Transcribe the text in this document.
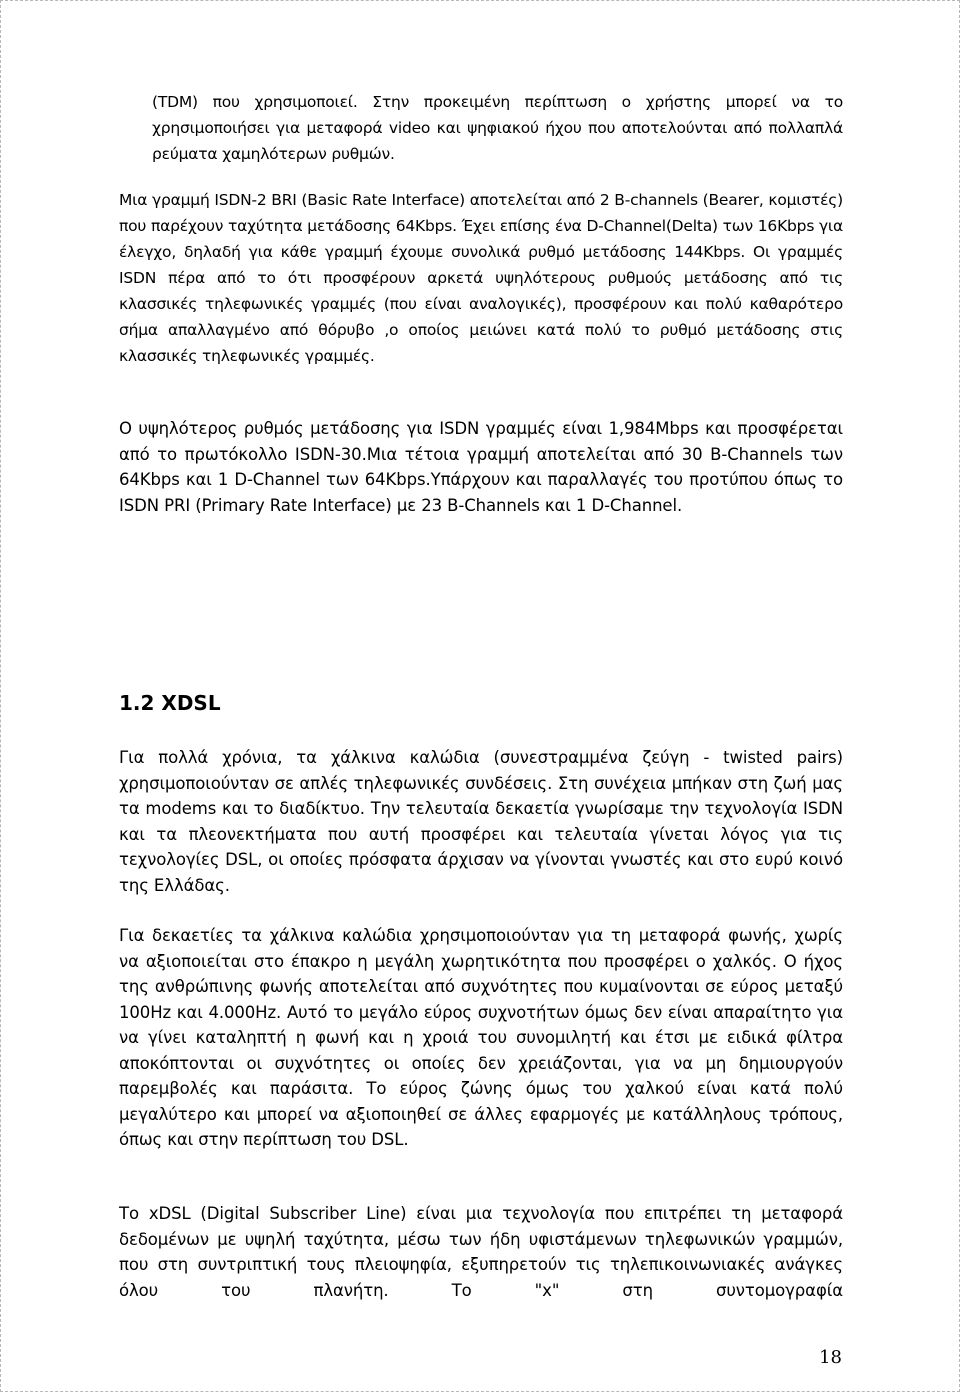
(TDM) που χρησιμοποιεί. Στην προκειμένη περίπτωση ο χρήστης μπορεί να το χρησιμοποιήσει για μεταφορά video και ψηφιακού ήχου που αποτελούνται από πολλαπλά ρεύματα χαμηλότερων ρυθμών.

Μια γραμμή ISDN-2 BRI (Basic Rate Interface) αποτελείται από 2 B-channels (Bearer, κομιστές) που παρέχουν ταχύτητα μετάδοσης 64Kbps. Έχει επίσης ένα D-Channel(Delta) των 16Kbps για έλεγχο, δηλαδή για κάθε γραμμή έχουμε συνολικά ρυθμό μετάδοσης 144Kbps. Οι γραμμές ISDN πέρα από το ότι προσφέρουν αρκετά υψηλότερους ρυθμούς μετάδοσης από τις κλασσικές τηλεφωνικές γραμμές (που είναι αναλογικές), προσφέρουν και πολύ καθαρότερο σήμα απαλλαγμένο από θόρυβο ,ο οποίος μειώνει κατά πολύ το ρυθμό μετάδοσης στις κλασσικές τηλεφωνικές γραμμές.

Ο υψηλότερος ρυθμός μετάδοσης για ISDN γραμμές είναι 1,984Mbps και προσφέρεται από το πρωτόκολλο ISDN-30.Μια τέτοια γραμμή αποτελείται από 30 B-Channels των 64Kbps και 1 D-Channel των 64Kbps.Υπάρχουν και παραλλαγές του προτύπου όπως το ISDN PRI (Primary Rate Interface) με 23 B-Channels και 1 D-Channel.

1.2 XDSL

Για πολλά χρόνια, τα χάλκινα καλώδια (συνεστραμμένα ζεύγη - twisted pairs) χρησιμοποιούνταν σε απλές τηλεφωνικές συνδέσεις. Στη συνέχεια μπήκαν στη ζωή μας τα modems και το διαδίκτυο. Την τελευταία δεκαετία γνωρίσαμε την τεχνολογία ISDN και τα πλεονεκτήματα που αυτή προσφέρει και τελευταία γίνεται λόγος για τις τεχνολογίες DSL, οι οποίες πρόσφατα άρχισαν να γίνονται γνωστές και στο ευρύ κοινό της Ελλάδας.

Για δεκαετίες τα χάλκινα καλώδια χρησιμοποιούνταν για τη μεταφορά φωνής, χωρίς να αξιοποιείται στο έπακρο η μεγάλη χωρητικότητα που προσφέρει ο χαλκός. Ο ήχος της ανθρώπινης φωνής αποτελείται από συχνότητες που κυμαίνονται σε εύρος μεταξύ 100Hz και 4.000Hz. Αυτό το μεγάλο εύρος συχνοτήτων όμως δεν είναι απαραίτητο για να γίνει καταληπτή η φωνή και η χροιά του συνομιλητή και έτσι με ειδικά φίλτρα αποκόπτονται οι συχνότητες οι οποίες δεν χρειάζονται, για να μη δημιουργούν παρεμβολές και παράσιτα. Το εύρος ζώνης όμως του χαλκού είναι κατά πολύ μεγαλύτερο και μπορεί να αξιοποιηθεί σε άλλες εφαρμογές με κατάλληλους τρόπους, όπως και στην περίπτωση του DSL.

Το xDSL (Digital Subscriber Line) είναι μια τεχνολογία που επιτρέπει τη μεταφορά δεδομένων με υψηλή ταχύτητα, μέσω των ήδη υφιστάμενων τηλεφωνικών γραμμών, που στη συντριπτική τους πλειοψηφία, εξυπηρετούν τις τηλεπικοινωνιακές ανάγκες όλου του πλανήτη. Το "x" στη συντομογραφία

18
